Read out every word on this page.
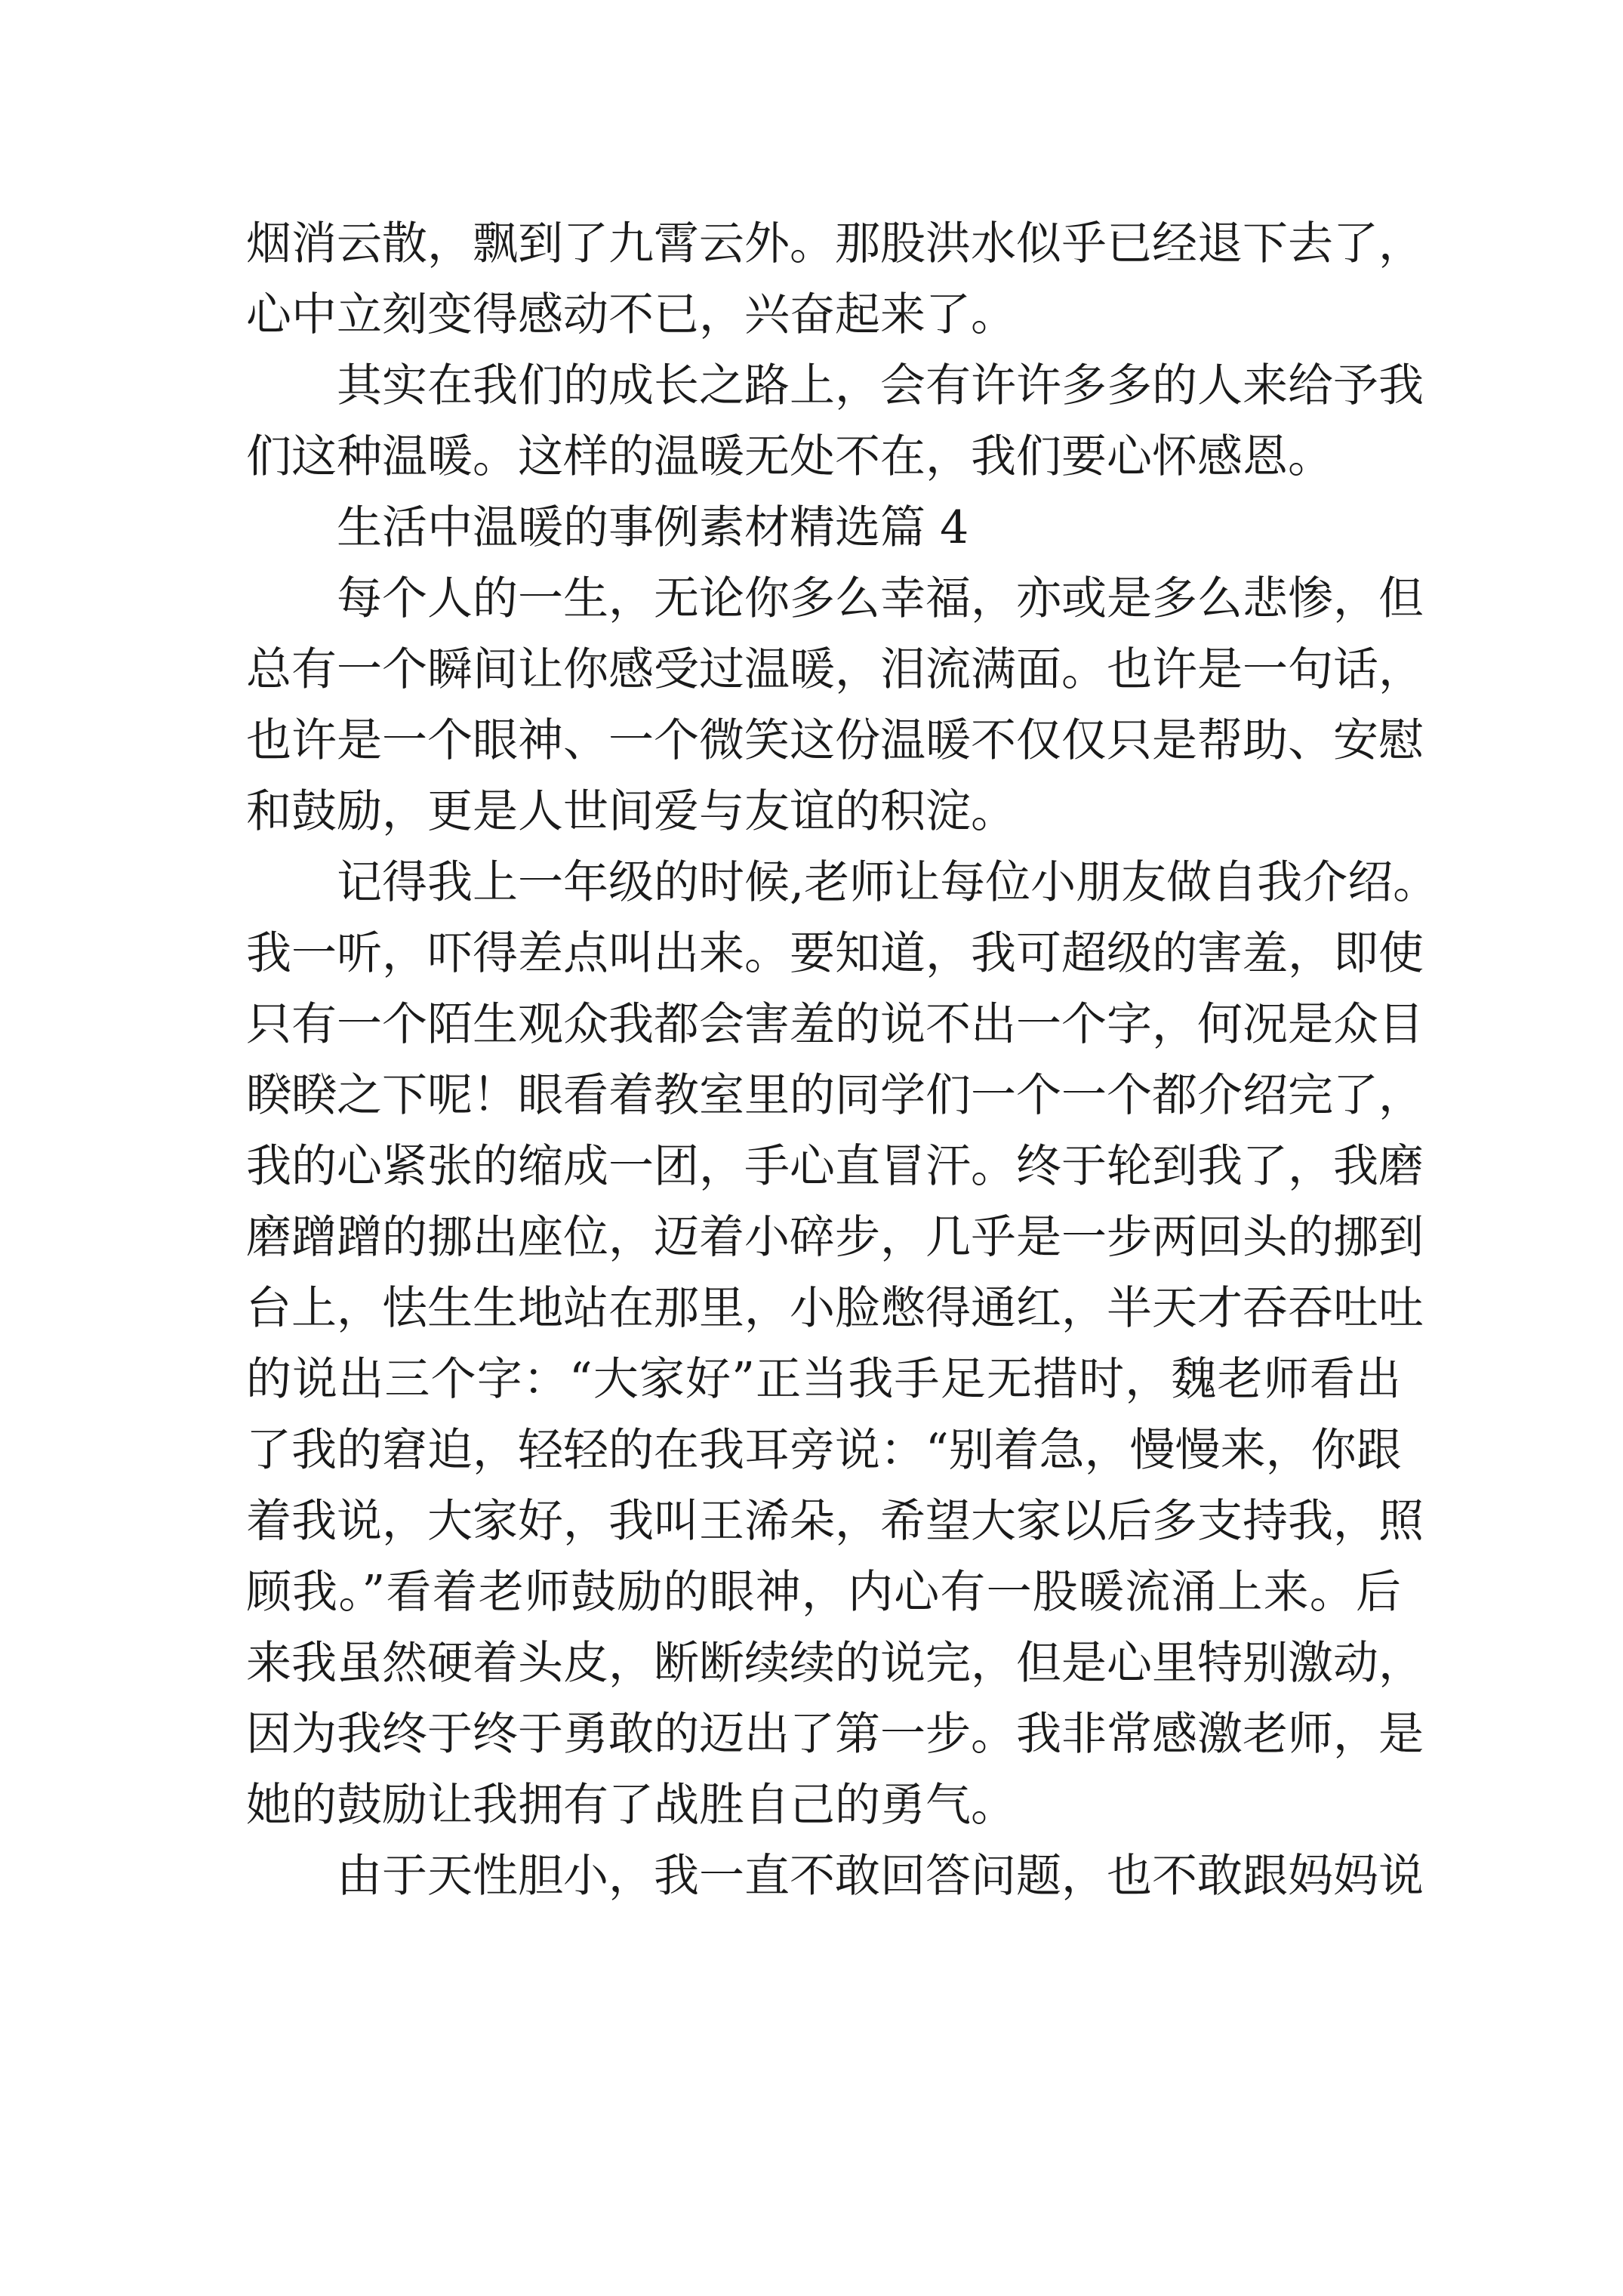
烟消云散，飘到了九霄云外。那股洪水似乎已经退下去了，
心中立刻变得感动不已，兴奋起来了。
其实在我们的成长之路上，会有许许多多的人来给予我
们这种温暖。这样的温暖无处不在，我们要心怀感恩。
生活中温暖的事例素材精选篇 4
每个人的一生，无论你多么幸福，亦或是多么悲惨，但
总有一个瞬间让你感受过温暖，泪流满面。也许是一句话，
也许是一个眼神、一个微笑这份温暖不仅仅只是帮助、安慰
和鼓励，更是人世间爱与友谊的积淀。
记得我上一年级的时候,老师让每位小朋友做自我介绍。
我一听，吓得差点叫出来。要知道，我可超级的害羞，即使
只有一个陌生观众我都会害羞的说不出一个字，何况是众目
睽睽之下呢！眼看着教室里的同学们一个一个都介绍完了，
我的心紧张的缩成一团，手心直冒汗。终于轮到我了，我磨
磨蹭蹭的挪出座位，迈着小碎步，几乎是一步两回头的挪到
台上，怯生生地站在那里，小脸憋得通红，半天才吞吞吐吐
的说出三个字：“大家好”正当我手足无措时，魏老师看出
了我的窘迫，轻轻的在我耳旁说：“别着急，慢慢来，你跟
着我说，大家好，我叫王浠朵，希望大家以后多支持我，照
顾我。”看着老师鼓励的眼神，内心有一股暖流涌上来。后
来我虽然硬着头皮，断断续续的说完，但是心里特别激动，
因为我终于终于勇敢的迈出了第一步。我非常感激老师，是
她的鼓励让我拥有了战胜自己的勇气。
由于天性胆小，我一直不敢回答问题，也不敢跟妈妈说
